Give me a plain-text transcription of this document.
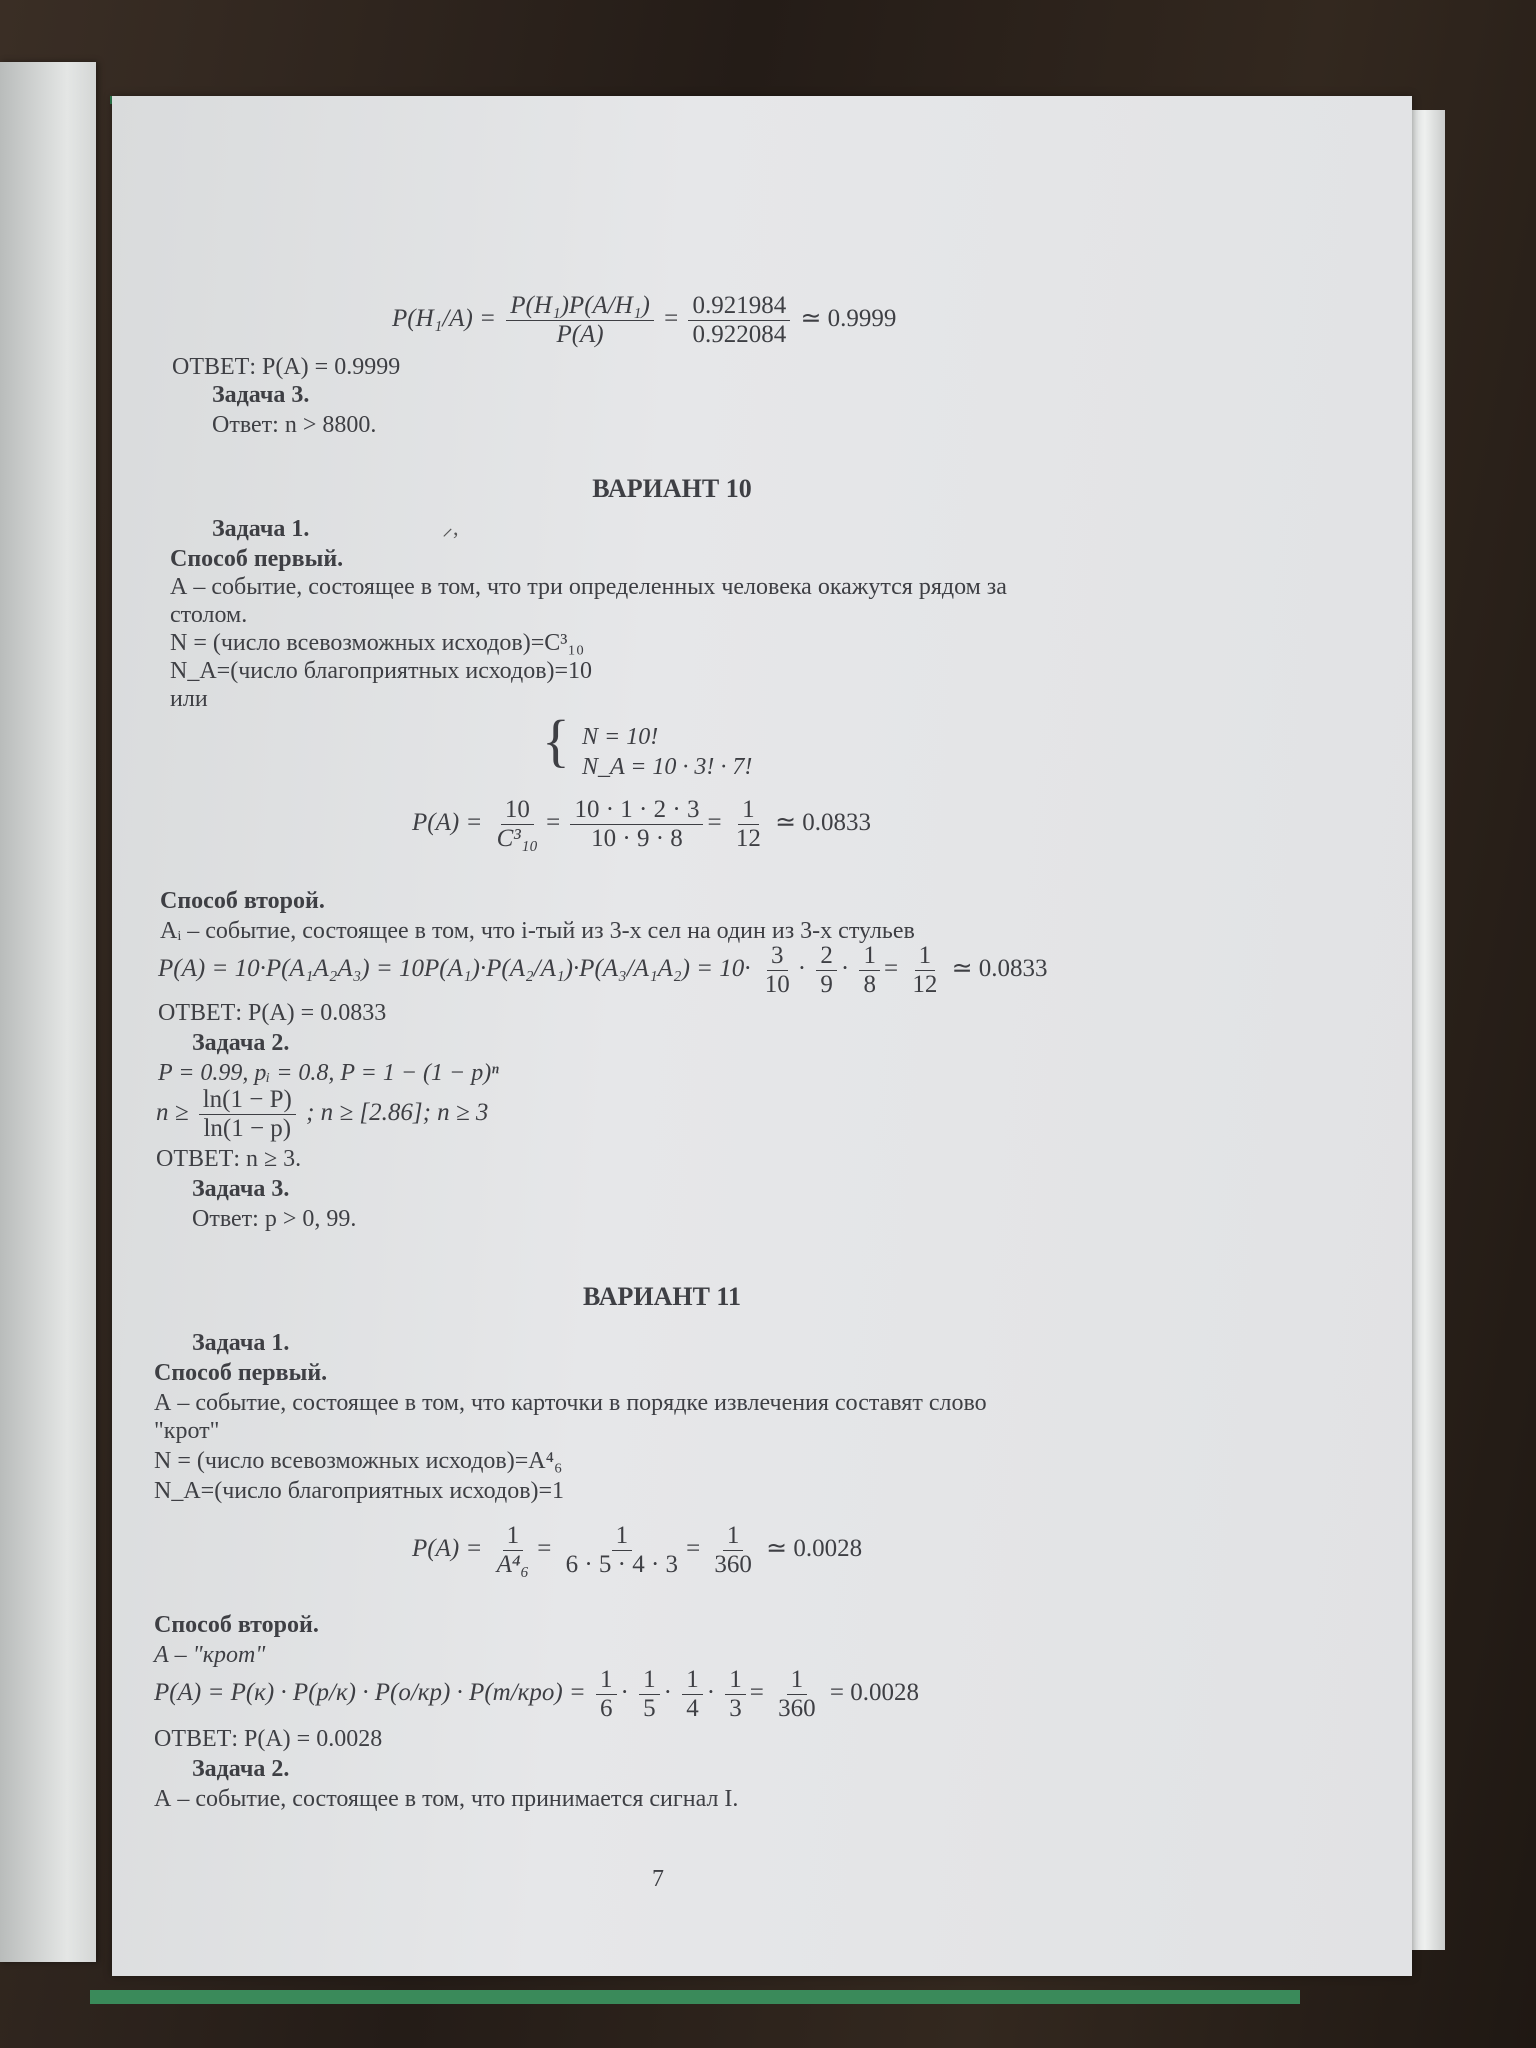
$P(H_1/A) = \frac{\text{P(H₁)P(A/H₁)}}{P(A)} = \frac{0.921984}{0.922084}$ ≃ 0.9999
ОТВЕТ: P(A) = 0.9999
Задача 3.
Ответ: n > 8800.
ВАРИАНТ 10
Задача 1.	⸝,
Способ первый.
А – событие, состоящее в том, что три определенных человека окажутся рядом за
столом.
N = (число всевозможных исходов)=C³₁₀
N_A=(число благоприятных исходов)=10
или
{ N = 10!
N_A = 10 · 3! · 7!
$P(A) = \frac{10}{\text{C³₁₀}} = \frac{10 \cdot 1 \cdot 2 \cdot 3}{10 \cdot 9 \cdot 8} = \frac{1}{12}$ ≃ 0.0833
Способ второй.
Aᵢ – событие, состоящее в том, что i-тый из 3-х сел на один из 3-х стульев
$P(A) = 10\cdot P(A_1A_2A_3) = 10P(A_1)\cdot P(A_2/A_1)\cdot P(A_3/A_1A_2) = 10\cdot \frac{3}{10} \cdot \frac{2}{9} \cdot \frac{1}{8} = \frac{1}{12}$ ≃ 0.0833
ОТВЕТ: P(A) = 0.0833
Задача 2.
P = 0.99, pᵢ = 0.8, P = 1 − (1 − p)ⁿ
$n \ge \frac{\ln(1 - P)}{\ln(1 - p)}$ ; n ≥ [2.86]; n ≥ 3
ОТВЕТ: n ≥ 3.
Задача 3.
Ответ: p > 0, 99.
ВАРИАНТ 11
Задача 1.
Способ первый.
А – событие, состоящее в том, что карточки в порядке извлечения составят слово
"крот"
N = (число всевозможных исходов)=A⁴₆
N_A=(число благоприятных исходов)=1
$P(A) = \frac{1}{\text{A⁴₆}} = \frac{1}{6 \cdot 5 \cdot 4 \cdot 3} = \frac{1}{360}$ ≃ 0.0028
Способ второй.
А – "крот"
$P(A) = P(к) \cdot P(р/к) \cdot P(о/кр) \cdot P(т/кро) = \frac{1}{6} \cdot \frac{1}{5} \cdot \frac{1}{4} \cdot \frac{1}{3} = \frac{1}{360} = 0.0028$
ОТВЕТ: P(A) = 0.0028
Задача 2.
А – событие, состоящее в том, что принимается сигнал I.
7
